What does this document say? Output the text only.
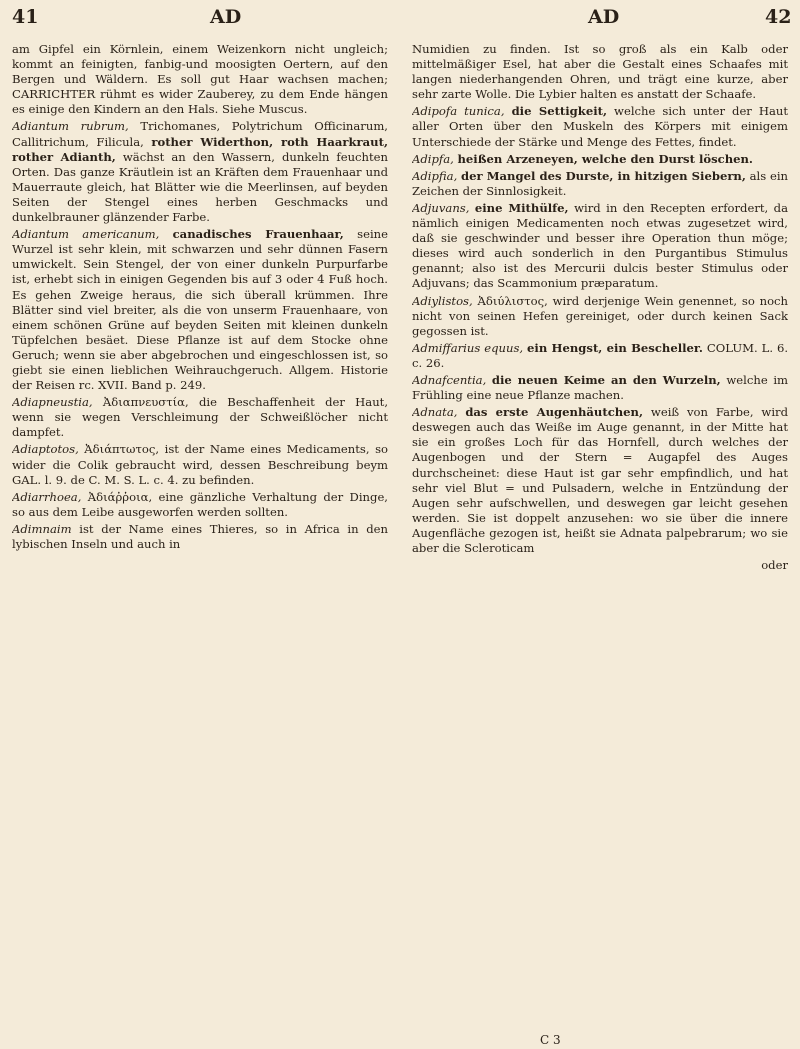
41	AD	AD	42

am Gipfel ein Körnlein, einem Weizenkorn nicht ungleich; kommt an feinigten, fanbig-und moosigten Oertern, auf den Bergen und Wäldern. Es soll gut Haar wachsen machen; CARRICHTER rühmt es wider Zauberey, zu dem Ende hängen es einige den Kindern an den Hals. Siehe Muscus.

Adiantum rubrum, Trichomanes, Polytrichum Officinarum, Callitrichum, Filicula, rother Widerthon, roth Haarkraut, rother Adianth, wächst an den Wassern, dunkeln feuchten Orten. Das ganze Kräutlein ist an Kräften dem Frauenhaar und Mauerraute gleich, hat Blätter wie die Meerlinsen, auf beyden Seiten der Stengel eines herben Geschmacks und dunkelbrauner glänzender Farbe.

Adiantum americanum, canadisches Frauenhaar, seine Wurzel ist sehr klein, mit schwarzen und sehr dünnen Fasern umwickelt. Sein Stengel, der von einer dunkeln Purpurfarbe ist, erhebt sich in einigen Gegenden bis auf 3 oder 4 Fuß hoch. Es gehen Zweige heraus, die sich überall krümmen. Ihre Blätter sind viel breiter, als die von unserm Frauenhaare, von einem schönen Grüne auf beyden Seiten mit kleinen dunkeln Tüpfelchen besäet. Diese Pflanze ist auf dem Stocke ohne Geruch; wenn sie aber abgebrochen und eingeschlossen ist, so giebt sie einen lieblichen Weihrauchgeruch. Allgem. Historie der Reisen rc. XVII. Band p. 249.

Adiapneustia, Ἀδιαπνευστία, die Beschaffenheit der Haut, wenn sie wegen Verschleimung der Schweißlöcher nicht dampfet.

Adiaptotos, Ἀδιάπτωτος, ist der Name eines Medicaments, so wider die Colik gebraucht wird, dessen Beschreibung beym GAL. l. 9. de C. M. S. L. c. 4. zu befinden.

Adiarrhoea, Ἀδιάῤῥοια, eine gänzliche Verhaltung der Dinge, so aus dem Leibe ausgeworfen werden sollten.

Adimnaim ist der Name eines Thieres, so in Africa in den lybischen Inseln und auch in

Numidien zu finden. Ist so groß als ein Kalb oder mittelmäßiger Esel, hat aber die Gestalt eines Schaafes mit langen niederhangenden Ohren, und trägt eine kurze, aber sehr zarte Wolle. Die Lybier halten es anstatt der Schaafe.

Adipofa tunica, die Settigkeit, welche sich unter der Haut aller Orten über den Muskeln des Körpers mit einigem Unterschiede der Stärke und Menge des Fettes, findet.

Adipfa, heißen Arzeneyen, welche den Durst löschen.

Adipfia, der Mangel des Durste, in hitzigen Siebern, als ein Zeichen der Sinnlosigkeit.

Adjuvans, eine Mithülfe, wird in den Recepten erfordert, da nämlich einigen Medicamenten noch etwas zugesetzet wird, daß sie geschwinder und besser ihre Operation thun möge; dieses wird auch sonderlich in den Purgantibus Stimulus genannt; also ist des Mercurii dulcis bester Stimulus oder Adjuvans; das Scammonium præparatum.

Adiylistos, Ἀδιύλιστος, wird derjenige Wein genennet, so noch nicht von seinen Hefen gereiniget, oder durch keinen Sack gegossen ist.

Admiffarius equus, ein Hengst, ein Bescheller. COLUM. L. 6. c. 26.

Adnafcentia, die neuen Keime an den Wurzeln, welche im Frühling eine neue Pflanze machen.

Adnata, das erste Augenhäutchen, weiß von Farbe, wird deswegen auch das Weiße im Auge genannt, in der Mitte hat sie ein großes Loch für das Hornfell, durch welches der Augenbogen und der Stern = Augapfel des Auges durchscheinet: diese Haut ist gar sehr empfindlich, und hat sehr viel Blut = und Pulsadern, welche in Entzündung der Augen sehr aufschwellen, und deswegen gar leicht gesehen werden. Sie ist doppelt anzusehen: wo sie über die innere Augenfläche gezogen ist, heißt sie Adnata palpebrarum; wo sie aber die Scleroticam

oder
C 3
